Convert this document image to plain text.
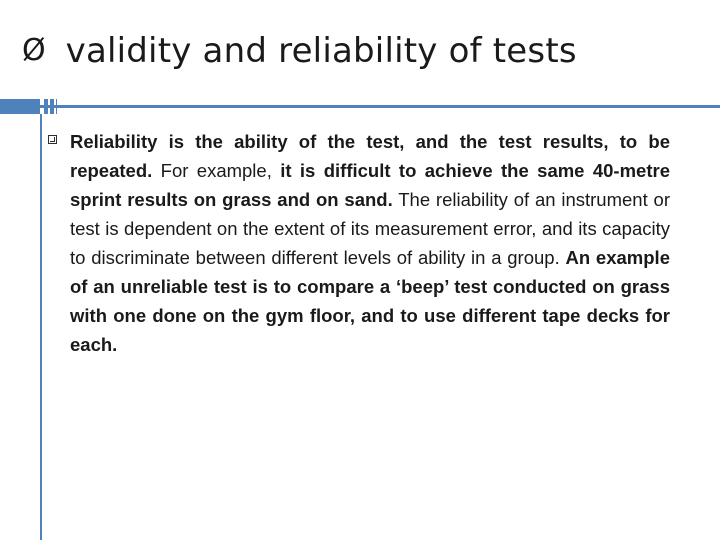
Ø validity and reliability of tests
Reliability is the ability of the test, and the test results, to be repeated. For example, it is difficult to achieve the same 40-metre sprint results on grass and on sand. The reliability of an instrument or test is dependent on the extent of its measurement error, and its capacity to discriminate between different levels of ability in a group. An example of an unreliable test is to compare a ‘beep’ test conducted on grass with one done on the gym floor, and to use different tape decks for each.
